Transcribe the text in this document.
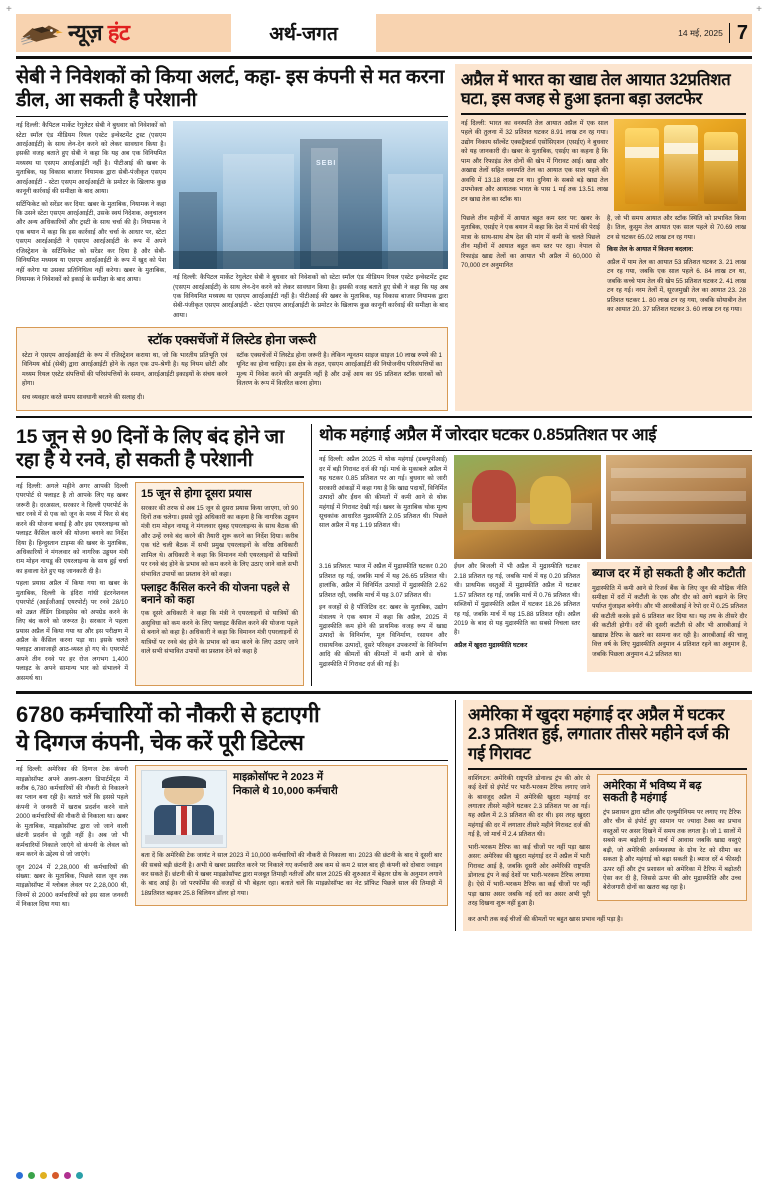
+	+
न्यूज़ हंट	अर्थ-जगत	14 मई, 2025 7
सेबी ने निवेशकों को किया अलर्ट, कहा- इस कंपनी से मत करना डील, आ सकती है परेशानी

नई दिल्ली: कैपिटल मार्केट रेगुलेटर सेबी ने बुधवार को निवेशकों को स्टेटा स्मॉल एंड मीडियम रियल एस्टेट इन्वेस्टमेंट ट्रस्ट (एसएम आरईआईटी) के साथ लेन-देन करने को लेकर सावधान किया है। इसकी वजह बताते हुए सेबी ने कहा कि यह अब एक विनियमित मध्यस्थ या एसएम आरईआईटी नहीं है। पीटीआई की खबर के मुताबिक, यह विकास बाजार नियामक द्वारा सेबी-पंजीकृत एसएम आरईआईटी - स्टेटा एसएम आरईआईटी के प्रमोटर के खिलाफ कुछ कानूनी कार्रवाई की समीक्षा के बाद आया।

सर्टिफिकेट को सरेंडर कर दिया: खबर के मुताबिक, नियामक ने कहा कि उसने स्टेटा एसएम आरईआईटी, उसके स्वयं निदेशक, अनुचालन और अन्य अधिकारियों और ट्रस्टी के साथ चर्चा की है। नियामक ने एक बयान में कहा कि इस कार्रवाई और चर्चा के आधार पर, स्टेटा एसएम आरईआईटी ने एसएम आरईआईटी के रूप में अपने रजिस्ट्रेशन के सर्टिफिकेट को सरेंडर कर दिया है और सेबी-विनियमित मध्यस्थ या एसएम आरईआईटी के रूप में खुद को पेश नहीं करेगा या उसका प्रतिनिधित्व नहीं करेगा। खबर के मुताबिक, नियामक ने निवेशकों को इकाई के समीक्षा के बाद आया।

SEBI

नई दिल्ली: कैपिटल मार्केट रेगुलेटर सेबी ने बुधवार को निवेशकों को स्टेटा स्मॉल एंड मीडियम रियल एस्टेट इन्वेस्टमेंट ट्रस्ट (एसएम आरईआईटी) के साथ लेन-देन करने को लेकर सावधान किया है। इसकी वजह बताते हुए सेबी ने कहा कि यह अब एक विनियमित मध्यस्थ या एसएम आरईआईटी नहीं है। पीटीआई की खबर के मुताबिक, यह विकास बाजार नियामक द्वारा सेबी-पंजीकृत एसएम आरईआईटी - स्टेटा एसएम आरईआईटी के प्रमोटर के खिलाफ कुछ कानूनी कार्रवाई की समीक्षा के बाद आया।

स्टॉक एक्सचेंजों में लिस्टेड होना जरूरी

स्टेटा ने एसएम आरईआईटी के रूप में रजिस्ट्रेशन कराया था, जो कि भारतीय प्रतिभूति एवं विनिमय बोर्ड (सेबी) द्वारा आरईआईटी होने के तहत एक उप-श्रेणी है। यह नियम छोटी और मध्यम रियल एस्टेट संपत्तियों की परिसंपत्तियों के समान, आरईआईटी इकाइयों के संचय करने होगा।

स्टॉक एक्सचेंजों में लिस्टेड होना जरूरी है। लेकिन न्यूनतम साइज साइज 10 लाख रुपये की 1 यूनिट का होना चाहिए। इस क्षेत्र के तहत, एसएम आरईआईटी की नियोजनीय परिसंपत्तियों का मूल्य में निवेश करने की अनुमति नहीं है और उन्हें आय का 95 प्रतिशत स्टॉक धारकों को वितरण के रूप में वितरित करना होगा।

सच व्यवहार करते समय सावधानी बरतने की सलाह दी।

अप्रैल में भारत का खाद्य तेल आयात 32प्रतिशत घटा, इस वजह से हुआ इतना बड़ा उलटफेर

नई दिल्ली: भारत का वनस्पति तेल आयात अप्रैल में एक साल पहले की तुलना में 32 प्रतिशत घटकर 8.91 लाख टन रह गया। उद्योग निकाय सॉल्वेंट एक्सट्रैक्टर्स एसोसिएशन (एसईए) ने बुधवार को यह जानकारी दी। खबर के मुताबिक, एसईए का कहना है कि पाम और रिफाइंड तेल दोनों की खेप में गिरावट आई। खाद्य और अखाद्य तेलों सहित वनस्पति तेल का आयात एक साल पहले की अवधि में 13.18 लाख टन था। दुनिया के सबसे बड़े खाद्य तेल उपभोक्ता और आयातक भारत के पास 1 मई तक 13.51 लाख टन खाद्य तेल का स्टॉक था।

पिछले तीन महीनों में आयात बहुत कम स्तर पर: खबर के मुताबिक, एसईए ने एक बयान में कहा कि देश में मार्च की पेराई मात्रा के साथ-साथ शेष देश की मांग में कमी के चलते पिछले तीन महीनों में आयात बहुत कम स्तर पर रहा। नेपाल से रिफाइंड खाद्य तेलों का आयात भी अप्रैल में 60,000 से 70,000 टन अनुमानित

है, जो भी समय आयात और स्टॉक स्थिति को प्रभावित किया है। तिल, कुसुम तेल आयात एक साल पहले से 70.69 लाख टन से घटकर 65.02 लाख टन रह गया।

किस तेल के आयात में कितना बदलाव:

अप्रैल में पाम तेल का आयात 53 प्रतिशत घटकर 3. 21 लाख टन रह गया, जबकि एक साल पहले 6. 84 लाख टन था, जबकि कच्चे पाम तेल की खेप 55 प्रतिशत घटकर 2. 41 लाख टन रह गई। नरम तेलों में, सूरजमुखी तेल का आयात 23. 28 प्रतिशत घटकर 1. 80 लाख टन रह गया, जबकि सोयाबीन तेल का आयात 20. 37 प्रतिशत घटकर 3. 60 लाख टन रह गया।

15 जून से 90 दिनों के लिए बंद होने जा रहा है ये रनवे, हो सकती है परेशानी

नई दिल्ली: अगले महीने अगर आपकी दिल्ली एयरपोर्ट से फ्लाइट है तो आपके लिए यह खबर जरूरी है। दरअसल, सरकार ने दिल्ली एयरपोर्ट के चार रनवे में से एक को जून के मध्य में फिर से बंद करने की योजना बनाई है और इस एयरलाइन्स को फ्लाइट कैंसिल करने की योजना बनाने का निर्देश दिया है। हिन्दुस्तान टाइम्स की खबर के मुताबिक, अधिकारियों ने मंगलवार को नागरिक उड्डयन मंत्री राम मोहन नायडू की एयरलाइन्स के साथ हुई चर्चा का हवाला देते हुए यह जानकारी दी है।

पहला प्रयास अप्रैल में किया गया था खबर के मुताबिक, दिल्ली के इंदिरा गांधी इंटरनेशनल एयरपोर्ट (आईजीआई एयरपोर्ट) पर रनवे 28/10 को उन्नत लैंडिंग डिवाइसेस को अपग्रेड करने के लिए बंद करने को जरूरत है। सरकार ने पहला प्रयास अप्रैल में किया गया था और इस परीक्षण में अप्रैल के कैंसिल करना पड़ा था। इसके चलते फ्लाइट आवाजाही आठ-व्यस्त हो गए थे। एयरपोर्ट अपने तीन रनवे पर हर रोज लगभग 1,400 फ्लाइट के अपने सामान्य भार को संभालने में असमर्थ था।

15 जून से होगा दूसरा प्रयास

सरकार की तरफ से अब 15 जून से दूसरा प्रयास किया जाएगा, जो 90 दिनों तक चलेगा। इससे जुड़े अधिकारी का कहना है कि नागरिक उड्डयन मंत्री राम मोहन नायडू ने मंगलवार सुबह एयरलाइन्स के साथ बैठक की और उन्हें रनवे बंद करने की तैयारी शुरू करने का निर्देश दिया। करीब एक घंटे चली बैठक में सभी प्रमुख एयरलाइनों के वरिष्ठ अधिकारी शामिल थे। अधिकारी ने कहा कि विमानन मंत्री एयरलाइनों से यात्रियों पर रनवे बंद होने के प्रभाव को कम करने के लिए उठाए जाने वाले सभी संभावित उपायों का प्रस्ताव देने को कहा।

फ्लाइट कैंसिल करने की योजना पहले से बनाने को कहा

एक दूसरे अधिकारी ने कहा कि मंत्री ने एयरलाइनों से यात्रियों की असुविधा को कम करने के लिए फ्लाइट कैंसिल करने की योजना पहले से बनाने को कहा है। अधिकारी ने कहा कि विमानन मंत्री एयरलाइनों से यात्रियों पर रनवे बंद होने के प्रभाव को कम करने के लिए उठाए जाने वाले सभी संभावित उपायों का प्रस्ताव देने को कहा है

थोक महंगाई अप्रैल में जोरदार घटकर 0.85प्रतिशत पर आई

नई दिल्ली: अप्रैल 2025 में थोक महंगाई (डब्ल्यूपीआई) दर में बड़ी गिरावट दर्ज की गई। मार्च के मुकाबले अप्रैल में यह घटकर 0.85 प्रतिशत पर आ गई। बुधवार को जारी सरकारी आंकड़ों में कहा गया है कि खाद्य पदार्थों, विनिर्मित उत्पादों और ईंधन की कीमतों में कमी आने से थोक महंगाई में गिरावट देखी गई। खबर के मुताबिक थोक मूल्य सूचकांक आधारित मुद्रास्फीति 2.05 प्रतिशत थी। पिछले साल अप्रैल में यह 1.19 प्रतिशत थी।

3.16 प्रतिशत: प्याज में अप्रैल में मुद्रास्फीति घटकर 0.20 प्रतिशत रह गई, जबकि मार्च में यह 26.65 प्रतिशत थी। हालांकि, अप्रैल में विनिर्मित उत्पादों में मुद्रास्फीति 2.62 प्रतिशत रही, जबकि मार्च में यह 3.07 प्रतिशत थी।

इन वजहों से है पॉजिटिव दर: खबर के मुताबिक, उद्योग मंत्रालय ने एक बयान में कहा कि अप्रैल, 2025 में मुद्रास्फीति कम होने की प्राथमिक वजह रूप में खाद्य उत्पादों के विनिर्माण, मूल विनिर्माण, रसायन और रासायनिक उत्पादों, दूसरे परिवहन उपकरणों के विनिर्माण आदि की कीमतों की कीमतों में कमी आने से थोक मुद्रास्फीति में गिरावट दर्ज की गई है।

ईंधन और बिजली में भी अप्रैल में मुद्रास्फीति घटकर 2.18 प्रतिशत रह गई, जबकि मार्च में यह 0.20 प्रतिशत थी। प्राथमिक वस्तुओं में मुद्रास्फीति अप्रैल में घटकर 1.57 प्रतिशत रह गई, जबकि मार्च में 0.76 प्रतिशत थी। सब्जियों में मुद्रास्फीति अप्रैल में घटकर 18.26 प्रतिशत रह गई, जबकि मार्च में यह 15.88 प्रतिशत रही। अप्रैल 2019 के बाद से यह मुद्रास्फीति का सबसे निचला स्तर है।

अप्रैल में खुदरा मुद्रास्फीति घटकर

ब्याज दर में हो सकती है और कटौती

मुद्रास्फीति में कमी आने से रिजर्व बैंक के लिए जून की मौद्रिक नीति समीक्षा में दरों में कटौती के एक और दौर को आगे बढ़ाने के लिए पर्याप्त गुंजाइश बनेगी। और भी आरबीआई ने रेपो दर में 0.25 प्रतिशत की कटौती करके इसे 6 प्रतिशत कर दिया था। यह तय के तीसरे दौर की कटौती होगी। दरों की दूसरी कटौती से और भी आरबीआई ने खाद्यान्न टैरिफ के खतरे का सामना कर रही है। आरबीआई की चालू वित्त वर्ष के लिए मुद्रास्फीति अनुमान 4 प्रतिशत रहने का अनुमान है, जबकि पिछला अनुमान 4.2 प्रतिशत था।

6780 कर्मचारियों को नौकरी से हटाएगी
ये दिग्गज कंपनी, चेक करें पूरी डिटेल्स

नई दिल्ली: अमेरिका की दिग्गज टेक कंपनी माइक्रोसॉफ्ट अपने अलग-अलग डिपार्टमेंट्स में करीब 6,780 कर्मचारियों की नौकरी से निकालने का प्लान बना रही है। बताते चलें कि इससे पहले कंपनी ने जनवरी में खराब प्रदर्शन करने वाले 2000 कर्मचारियों की नौकरी से निकाला था। खबर के मुताबिक, माइक्रोसॉफ्ट द्वारा जो जाने वाली छंटनी प्रदर्शन से जुड़ी नहीं है। अब जो भी कर्मचारियों निकाले जाएंगे वो कंपनी के लेवल को कम करने के उद्देश्य से जो जाएंगे।

जून 2024 में 2,28,000 थी कर्मचारियों की संख्या: खबर के मुताबिक, पिछले साल जून तक माइक्रोसॉफ्ट में ग्लोबल लेवल पर 2,28,000 थी, जिनमें से 2000 कर्मचारियों को इस साल जनवरी में निकाल दिया गया था।

माइक्रोसॉफ्ट ने 2023 में
निकाले थे 10,000 कर्मचारी

बता दें कि अमेरिकी टेक जायंट ने साल 2023 में 10,000 कर्मचारियों की नौकरी से निकाला था। 2023 की छंटनी के बाद ये दूसरी बार की सबसे बड़ी छंटनी है। अभी ये खबर प्रसारित करने पर निकाले गए कर्मचारी अब कम से कम 2 साल बाद ही कंपनी को दोबारा ज्वाइन कर सकते हैं। छंटनी की ये खबर माइक्रोसॉफ्ट द्वारा मजबूत तिमाही नतीजों और साल 2025 की शुरुआत में बेहतर ग्रोथ के अनुमान लगाने के बाद आई है। जो परफॉर्मेंस की वजहों से भी बेहतर रहा। बताते चलें कि माइक्रोसॉफ्ट का नेट प्रॉफिट पिछले साल की तिमाही में 18प्रतिशत बढ़कर 25.8 बिलियन डॉलर हो गया।

अमेरिका में खुदरा महंगाई दर अप्रैल में घटकर 2.3 प्रतिशत हुई, लगातार तीसरे महीने दर्ज की गई गिरावट

वाशिंगटन: अमेरिकी राष्ट्रपति डोनाल्ड ट्रंप की ओर से कई देशों से इंपोर्ट पर भारी-भरकम टैरिफ लगाए जाने के बावजूद अप्रैल में अमेरिकी खुदरा महंगाई दर लगातार तीसरे महीने घटकर 2.3 प्रतिशत पर आ गई। यह अप्रैल में 2.3 प्रतिशत की दर थी। इस तरह खुदरा महंगाई की दर में लगातार तीसरे महीने गिरावट दर्ज की गई है, जो मार्च में 2.4 प्रतिशत थी।

भारी-भरकम टैरिफ का कई चीजों पर नहीं पड़ा खास असर: अमेरिका की खुदरा महंगाई दर में अप्रैल में भारी गिरावट आई है, जबकि दूसरी ओर अमेरिकी राष्ट्रपति डोनाल्ड ट्रंप ने कई देशों पर भारी-भरकम टैरिफ लगाया है। ऐसे में भारी-भरकम टैरिफ का कई चीजों पर नहीं पड़ा खास असर जबकि नई दरों का असर अभी पूरी तरह दिखना शुरू नहीं हुआ है।

अमेरिका में भविष्य में बढ़
सकती है महंगाई

ट्रंप प्रशासन द्वारा स्टील और एल्युमीनियम पर लगाए गए टैरिफ और चीन से इंपोर्ट हुए सामान पर ज्यादा टैक्स का प्रभाव वस्तुओं पर असर दिखने में समय तक लगता है। जो 1 सालों में सबसे कम बढ़ोतरी है। मार्च में आवास जबकि खाद्य वस्तुएं बढ़ी, जो अमेरिकी अर्थव्यवस्था के ग्रोथ रेट को सीमा कर सकता है और महंगाई को बढ़ा सकती है। ब्याज दरें 4 फीसदी ऊपर रहीं और ट्रंप प्रशासन को अमेरिका में टैरिफ में बढ़ोतरी ऐसा कर दी है, जिससे ऊपर की ओर मुद्रास्फीति और उच्च बेरोजगारी दोनों का खतरा बढ़ रहा है।

कर अभी तक कई चीजों की कीमतों पर बहुत खास प्रभाव नहीं पड़ा है।
